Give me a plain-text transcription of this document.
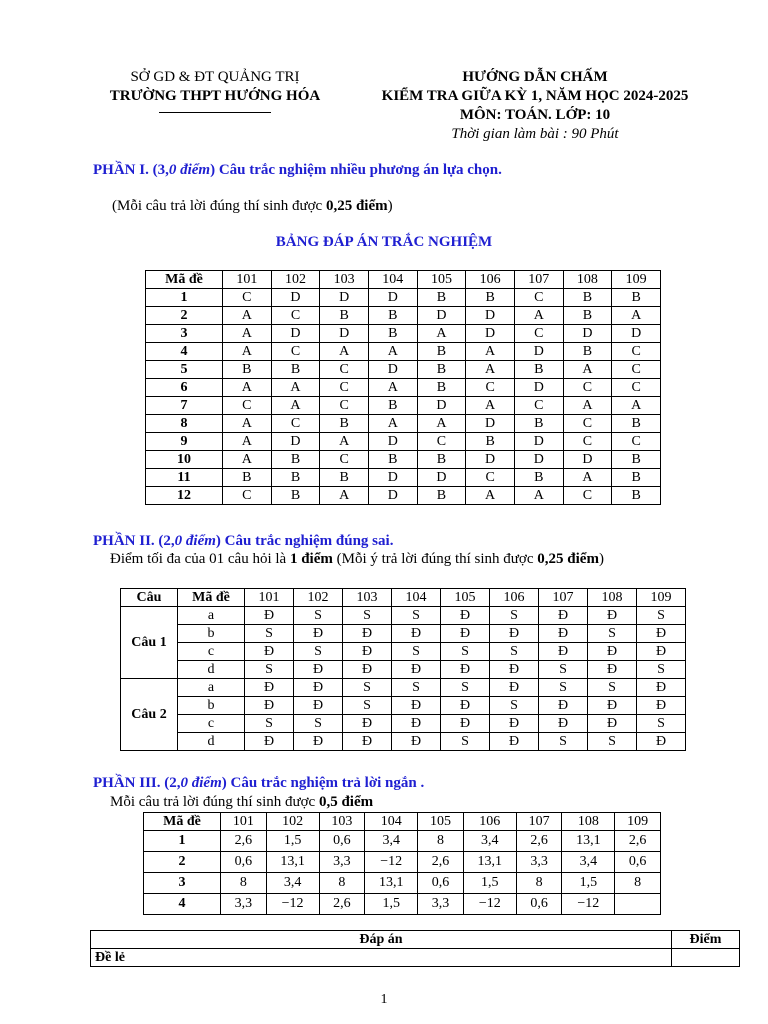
SỞ GD & ĐT QUẢNG TRỊ
TRƯỜNG THPT HƯỚNG HÓA
HƯỚNG DẪN CHẤM
KIỂM TRA GIỮA KỲ 1, NĂM HỌC 2024-2025
MÔN: TOÁN. LỚP: 10
Thời gian làm bài : 90 Phút
PHẦN I. (3,0 điểm) Câu trắc nghiệm nhiều phương án lựa chọn.
(Mỗi câu trả lời đúng thí sinh được 0,25 điểm)
BẢNG ĐÁP ÁN TRẮC NGHIỆM
Mã đề	101	102	103	104	105	106	107	108	109
1	C	D	D	D	B	B	C	B	B
2	A	C	B	B	D	D	A	B	A
3	A	D	D	B	A	D	C	D	D
4	A	C	A	A	B	A	D	B	C
5	B	B	C	D	B	A	B	A	C
6	A	A	C	A	B	C	D	C	C
7	C	A	C	B	D	A	C	A	A
8	A	C	B	A	A	D	B	C	B
9	A	D	A	D	C	B	D	C	C
10	A	B	C	B	B	D	D	D	B
11	B	B	B	D	D	C	B	A	B
12	C	B	A	D	B	A	A	C	B
PHẦN II. (2,0 điểm) Câu trắc nghiệm đúng sai.
Điểm tối đa của 01 câu hỏi là 1 điểm (Mỗi ý trả lời đúng thí sinh được 0,25 điểm)
Câu	Mã đề	101	102	103	104	105	106	107	108	109
Câu 1	a	Đ	S	S	S	Đ	S	Đ	Đ	S
	b	S	Đ	Đ	Đ	Đ	Đ	Đ	S	Đ
	c	Đ	S	Đ	S	S	S	Đ	Đ	Đ
	d	S	Đ	Đ	Đ	Đ	Đ	S	Đ	S
Câu 2	a	Đ	Đ	S	S	S	Đ	S	S	Đ
	b	Đ	Đ	S	Đ	Đ	S	Đ	Đ	Đ
	c	S	S	Đ	Đ	Đ	Đ	Đ	Đ	S
	d	Đ	Đ	Đ	Đ	S	Đ	S	S	Đ
PHẦN III. (2,0 điểm) Câu trắc nghiệm trả lời ngắn .
Mỗi câu trả lời đúng thí sinh được 0,5 điểm
Mã đề	101	102	103	104	105	106	107	108	109
1	2,6	1,5	0,6	3,4	8	3,4	2,6	13,1	2,6
2	0,6	13,1	3,3	−12	2,6	13,1	3,3	3,4	0,6
3	8	3,4	8	13,1	0,6	1,5	8	1,5	8
4	3,3	−12	2,6	1,5	3,3	−12	0,6	−12	
Đáp án	Điểm
Đề lẻ	
1
